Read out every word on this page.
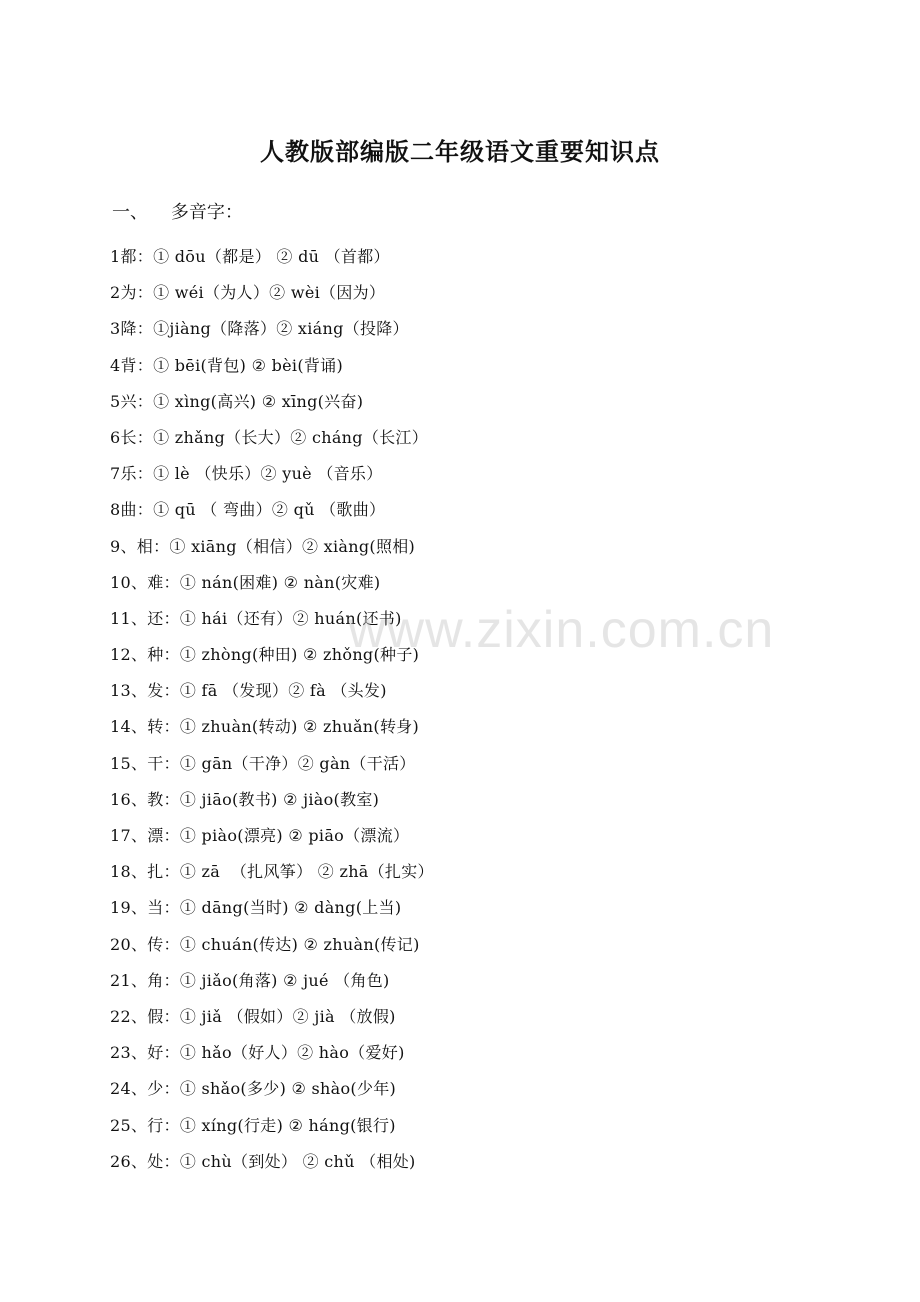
人教版部编版二年级语文重要知识点
一、    多音字：
1都：① dōu（都是） ② dū （首都）
2为：① wéi（为人）② wèi（因为）
3降：①jiàng（降落）② xiáng（投降）
4背：① bēi(背包) ② bèi(背诵)
5兴：① xìng(高兴) ② xīng(兴奋)
6长：① zhǎng（长大）② cháng（长江）
7乐：① lè （快乐）② yuè （音乐）
8曲：① qū （ 弯曲）② qǔ （歌曲）
9、相：① xiāng（相信）② xiàng(照相)
10、难：① nán(困难) ② nàn(灾难)
11、还：① hái（还有）② huán(还书)
12、种：① zhòng(种田) ② zhǒng(种子)
13、发：① fā （发现）② fà （头发)
14、转：① zhuàn(转动) ② zhuǎn(转身)
15、干：① gān（干净）② gàn（干活）
16、教：① jiāo(教书) ② jiào(教室)
17、漂：① piào(漂亮) ② piāo（漂流）
18、扎：① zā  （扎风筝） ② zhā（扎实）
19、当：① dāng(当时) ② dàng(上当)
20、传：① chuán(传达) ② zhuàn(传记)
21、角：① jiǎo(角落) ② jué （角色)
22、假：① jiǎ （假如）② jià （放假)
23、好：① hǎo（好人）② hào（爱好)
24、少：① shǎo(多少) ② shào(少年)
25、行：① xíng(行走) ② háng(银行)
26、处：① chù（到处） ② chǔ （相处)
www.zixin.com.cn
